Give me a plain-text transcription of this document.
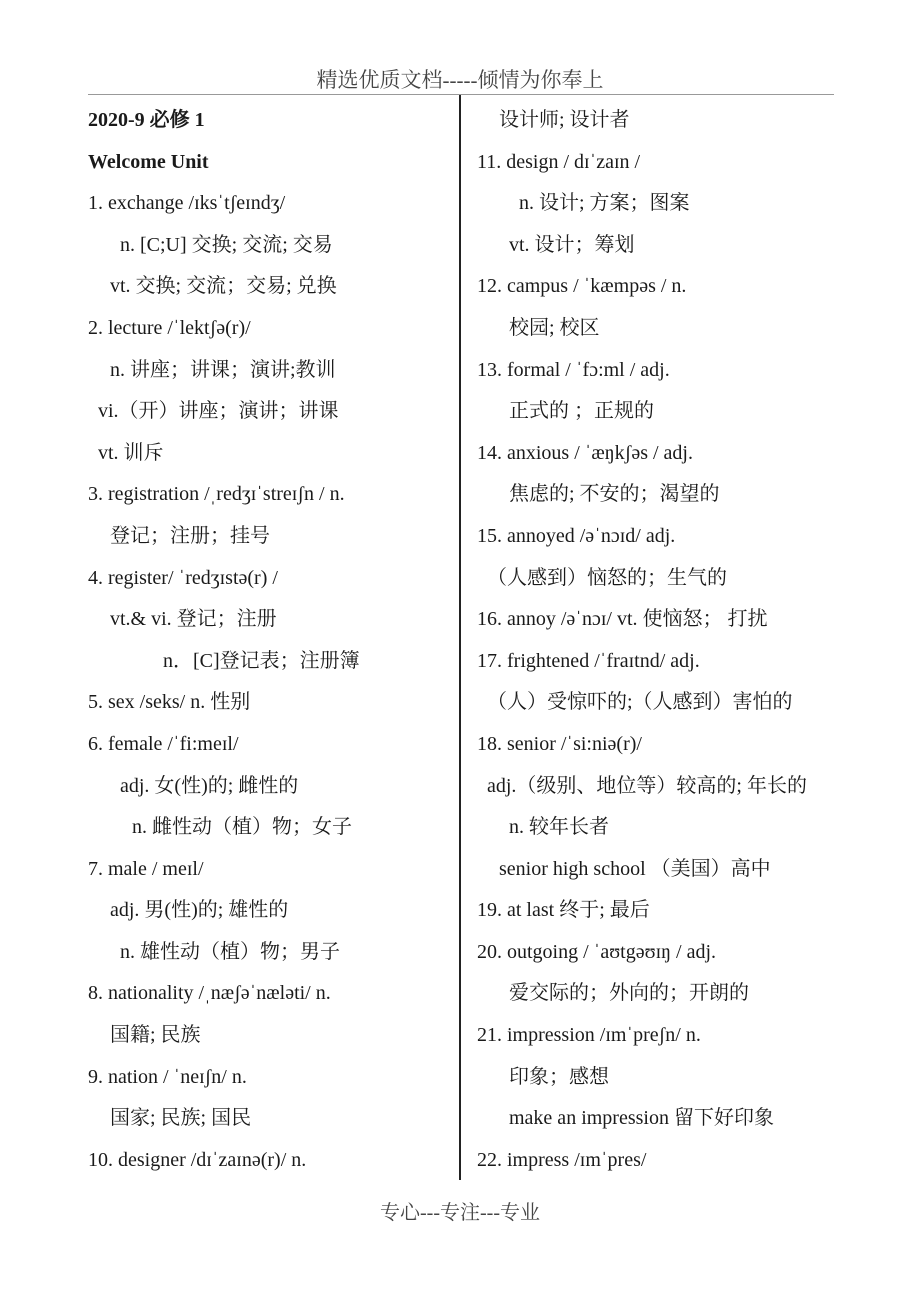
精选优质文档-----倾情为你奉上
2020-9 必修 1
Welcome Unit
1. exchange /ɪksˈtʃeɪndʒ/
n. [C;U] 交换; 交流; 交易
vt. 交换; 交流；交易; 兑换
2. lecture /ˈlektʃə(r)/
n. 讲座；讲课；演讲;教训
vi.（开）讲座；演讲；讲课
vt. 训斥
3. registration /ˌredʒɪˈstreɪʃn / n.
登记；注册；挂号
4. register/ ˈredʒɪstə(r) /
vt.& vi. 登记；注册
n．[C]登记表；注册簿
5. sex /seks/ n. 性别
6. female /ˈfi:meɪl/
adj. 女(性)的; 雌性的
n. 雌性动（植）物；女子
7. male / meɪl/
adj. 男(性)的; 雄性的
n. 雄性动（植）物；男子
8. nationality /ˌnæʃəˈnæləti/ n.
国籍; 民族
9. nation / ˈneɪʃn/ n.
国家; 民族; 国民
10. designer /dɪˈzaɪnə(r)/ n.
设计师; 设计者
11. design / dɪˈzaɪn /
n. 设计; 方案；图案
vt. 设计；筹划
12. campus / ˈkæmpəs / n.
校园; 校区
13. formal / ˈfɔ:ml / adj.
正式的 ；正规的
14. anxious / ˈæŋkʃəs / adj.
焦虑的; 不安的；渴望的
15. annoyed /əˈnɔɪd/ adj.
（人感到）恼怒的；生气的
16. annoy /əˈnɔɪ/ vt. 使恼怒； 打扰
17. frightened /ˈfraɪtnd/ adj.
（人）受惊吓的;（人感到）害怕的
18. senior /ˈsi:niə(r)/
adj.（级别、地位等）较高的; 年长的
n. 较年长者
senior high school （美国）高中
19. at last 终于; 最后
20. outgoing / ˈaʊtgəʊɪŋ / adj.
爱交际的；外向的；开朗的
21. impression /ɪmˈpreʃn/ n.
印象；感想
make an impression 留下好印象
22. impress /ɪmˈpres/
专心---专注---专业
